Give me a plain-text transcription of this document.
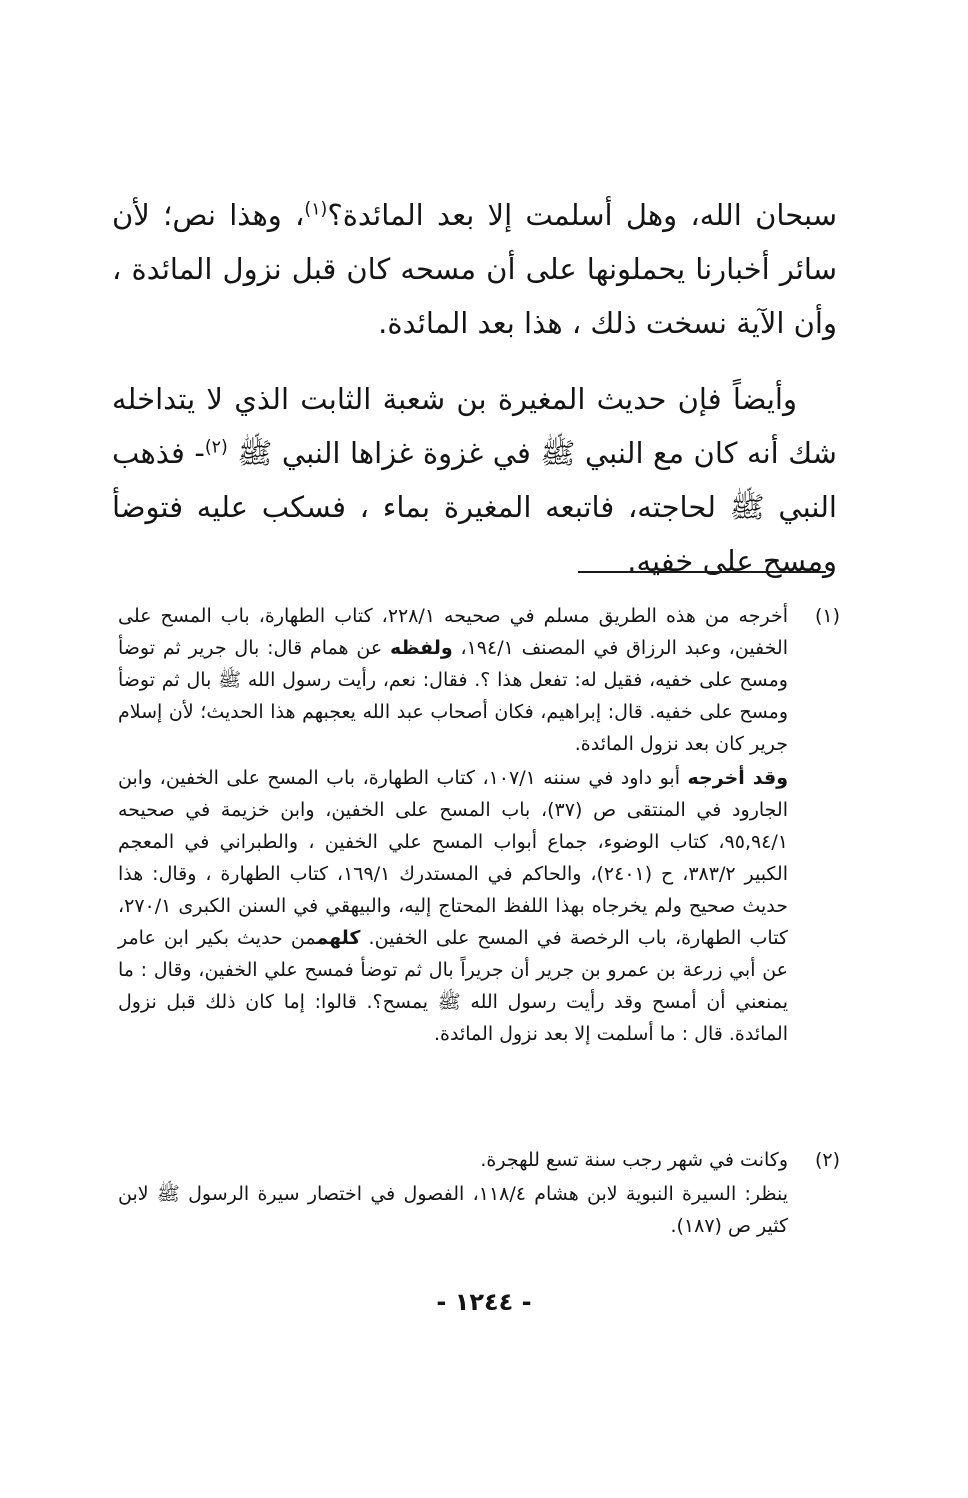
سبحان الله، وهل أسلمت إلا بعد المائدة؟$^{(١)}$، وهذا نص؛ لأن سائر أخبارنا يحملونها على أن مسحه كان قبل نزول المائدة ، وأن الآية نسخت ذلك ، هذا بعد المائدة.

وأيضاً فإن حديث المغيرة بن شعبة الثابت الذي لا يتداخله شك أنه كان مع النبي ﷺ في غزوة غزاها النبي ﷺ $^{(٢)}$- فذهب النبي ﷺ لحاجته، فاتبعه المغيرة بماء ، فسكب عليه فتوضأ ومسح على خفيه.

(١)

أخرجه من هذه الطريق مسلم في صحيحه ٢٢٨/١، كتاب الطهارة، باب المسح على الخفين، وعبد الرزاق في المصنف ١٩٤/١، ولفظه عن همام قال: بال جرير ثم توضأ ومسح على خفيه، فقيل له: تفعل هذا ؟. فقال: نعم، رأيت رسول الله ﷺ بال ثم توضأ ومسح على خفيه. قال: إبراهيم، فكان أصحاب عبد الله يعجبهم هذا الحديث؛ لأن إسلام جرير كان بعد نزول المائدة.

وقد أخرجه أبو داود في سننه ١٠٧/١، كتاب الطهارة، باب المسح على الخفين، وابن الجارود في المنتقى ص (٣٧)، باب المسح على الخفين، وابن خزيمة في صحيحه ٩٥,٩٤/١، كتاب الوضوء، جماع أبواب المسح علي الخفين ، والطبراني في المعجم الكبير ٣٨٣/٢، ح (٢٤٠١)، والحاكم في المستدرك ١٦٩/١، كتاب الطهارة ، وقال: هذا حديث صحيح ولم يخرجاه بهذا اللفظ المحتاج إليه، والبيهقي في السنن الكبرى ٢٧٠/١، كتاب الطهارة، باب الرخصة في المسح على الخفين. كلهممن حديث بكير ابن عامر عن أبي زرعة بن عمرو بن جرير أن جريراً بال ثم توضأ فمسح علي الخفين، وقال : ما يمنعني أن أمسح وقد رأيت رسول الله ﷺ يمسح؟. قالوا: إما كان ذلك قبل نزول المائدة. قال : ما أسلمت إلا بعد نزول المائدة.

(٢)

وكانت في شهر رجب سنة تسع للهجرة.

ينظر: السيرة النبوية لابن هشام ١١٨/٤، الفصول في اختصار سيرة الرسول ﷺ لابن كثير ص (١٨٧).

- ١٢٤٤ -
